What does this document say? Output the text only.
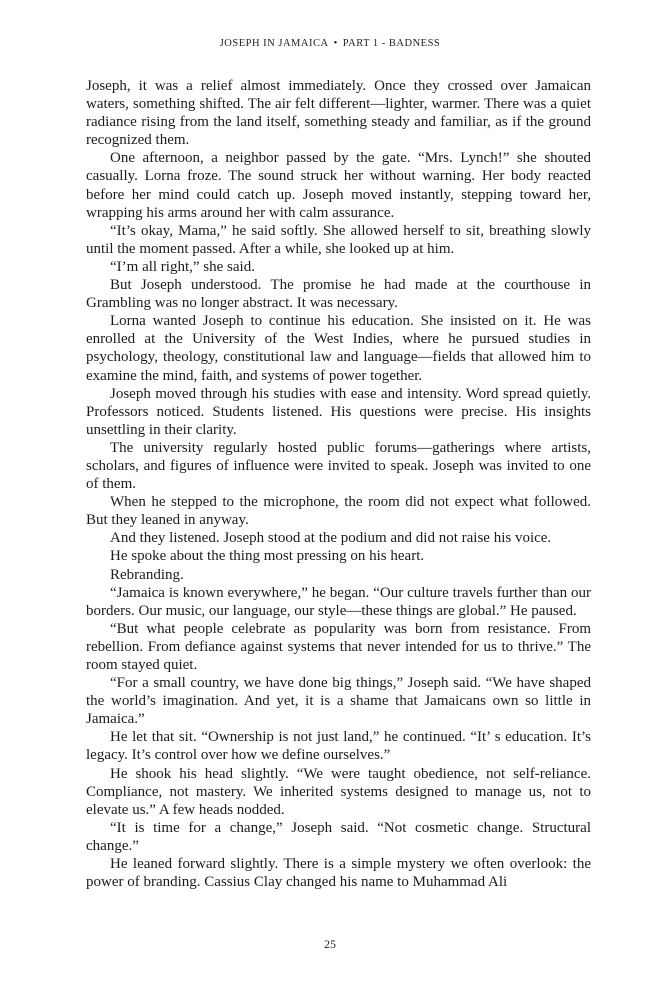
JOSEPH IN JAMAICA • PART 1 - BADNESS

Joseph, it was a relief almost immediately. Once they crossed over Jamaican waters, something shifted. The air felt different—lighter, warmer. There was a quiet radiance rising from the land itself, something steady and familiar, as if the ground recognized them.

One afternoon, a neighbor passed by the gate. “Mrs. Lynch!” she shouted casually. Lorna froze. The sound struck her without warning. Her body reacted before her mind could catch up. Joseph moved instantly, stepping toward her, wrapping his arms around her with calm assurance.

“It’s okay, Mama,” he said softly. She allowed herself to sit, breathing slowly until the moment passed. After a while, she looked up at him.

“I’m all right,” she said.

But Joseph understood. The promise he had made at the courthouse in Grambling was no longer abstract. It was necessary.

Lorna wanted Joseph to continue his education. She insisted on it. He was enrolled at the University of the West Indies, where he pursued studies in psychology, theology, constitutional law and language—fields that allowed him to examine the mind, faith, and systems of power together.

Joseph moved through his studies with ease and intensity. Word spread quietly. Professors noticed. Students listened. His questions were precise. His insights unsettling in their clarity.

The university regularly hosted public forums—gatherings where artists, scholars, and figures of influence were invited to speak. Joseph was invited to one of them.

When he stepped to the microphone, the room did not expect what followed. But they leaned in anyway.

And they listened. Joseph stood at the podium and did not raise his voice.

He spoke about the thing most pressing on his heart.

Rebranding.

“Jamaica is known everywhere,” he began. “Our culture travels further than our borders. Our music, our language, our style—these things are global.” He paused.

“But what people celebrate as popularity was born from resistance. From rebellion. From defiance against systems that never intended for us to thrive.” The room stayed quiet.

“For a small country, we have done big things,” Joseph said. “We have shaped the world’s imagination. And yet, it is a shame that Jamaicans own so little in Jamaica.”

He let that sit. “Ownership is not just land,” he continued. “It’ s education. It’s legacy. It’s control over how we define ourselves.”

He shook his head slightly. “We were taught obedience, not self-reliance. Compliance, not mastery. We inherited systems designed to manage us, not to elevate us.” A few heads nodded.

“It is time for a change,” Joseph said. “Not cosmetic change. Structural change.”

He leaned forward slightly. There is a simple mystery we often overlook: the power of branding. Cassius Clay changed his name to Muhammad Ali

25
